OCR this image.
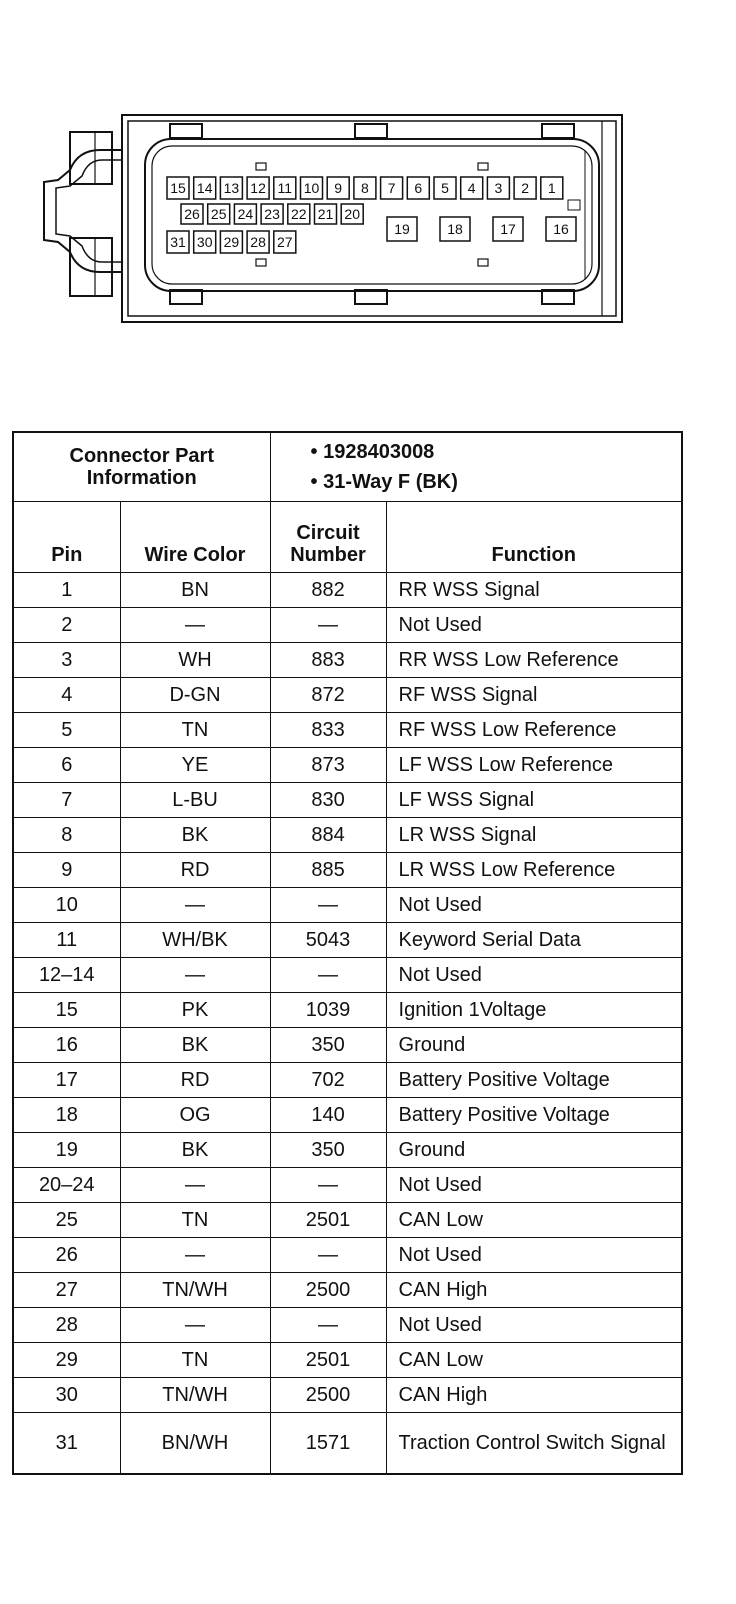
15 14 13 12 11 10 9 8 7 6 5 4 3 2 1
26 25 24 23 22 21 20
31 30 29 28 27
19	18	17	16
Connector Part Information		• 1928403008
• 31-Way F (BK)	

Pin	Wire Color	Circuit Number	Function
1	BN	882	RR WSS Signal
2	—	—	Not Used
3	WH	883	RR WSS Low Reference
4	D-GN	872	RF WSS Signal
5	TN	833	RF WSS Low Reference
6	YE	873	LF WSS Low Reference
7	L-BU	830	LF WSS Signal
8	BK	884	LR WSS Signal
9	RD	885	LR WSS Low Reference
10	—	—	Not Used
11	WH/BK	5043	Keyword Serial Data
12–14	—	—	Not Used
15	PK	1039	Ignition 1Voltage
16	BK	350	Ground
17	RD	702	Battery Positive Voltage
18	OG	140	Battery Positive Voltage
19	BK	350	Ground
20–24	—	—	Not Used
25	TN	2501	CAN Low
26	—	—	Not Used
27	TN/WH	2500	CAN High
28	—	—	Not Used
29	TN	2501	CAN Low
30	TN/WH	2500	CAN High
31	BN/WH	1571	Traction Control Switch Signal
